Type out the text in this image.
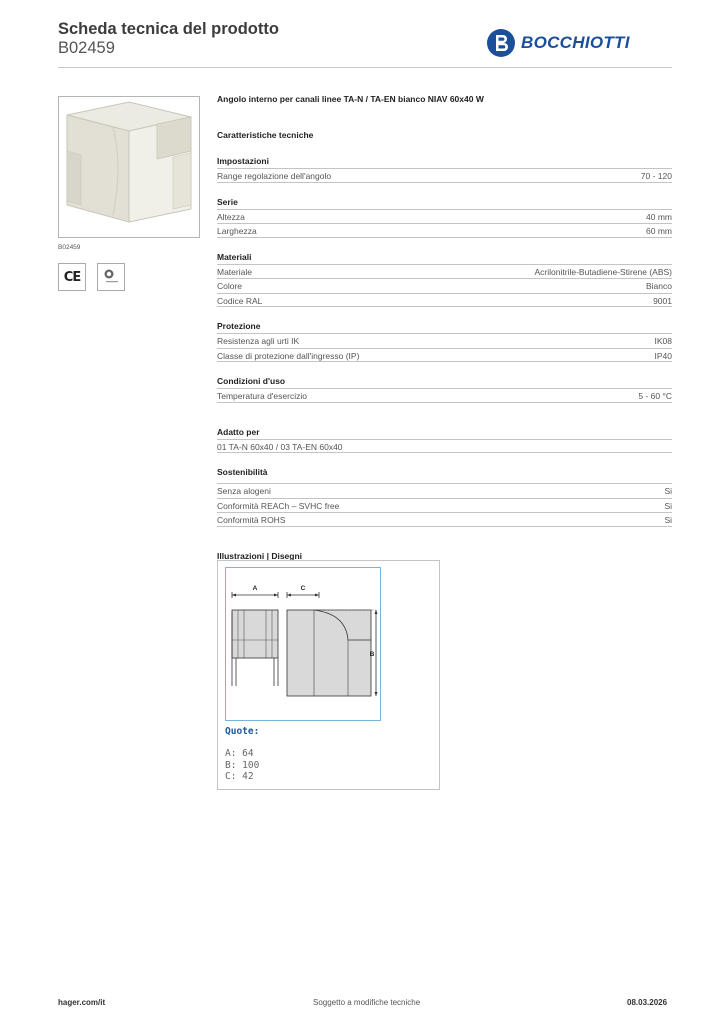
Scheda tecnica del prodotto
B02459	BOCCHIOTTI
B02459
CE
Angolo interno per canali linee TA-N / TA-EN bianco NIAV 60x40 W
Caratteristiche tecniche
Impostazioni
Range regolazione dell'angolo	70 - 120
Serie
Altezza	40 mm
Larghezza	60 mm
Materiali
Materiale	Acrilonitrile-Butadiene-Stirene (ABS)
Colore	Bianco
Codice RAL	9001
Protezione
Resistenza agli urti IK	IK08
Classe di protezione dall'ingresso (IP)	IP40
Condizioni d'uso
Temperatura d'esercizio	5 - 60 °C
Adatto per
01 TA-N 60x40 / 03 TA-EN 60x40
Sostenibilità
Senza alogeni	Si
Conformità REACh – SVHC free	Si
Conformità ROHS	Si
Illustrazioni | Disegni
A	C
B
Quote:
A: 64
B: 100
C: 42
hager.com/it	Soggetto a modifiche tecniche	08.03.2026
